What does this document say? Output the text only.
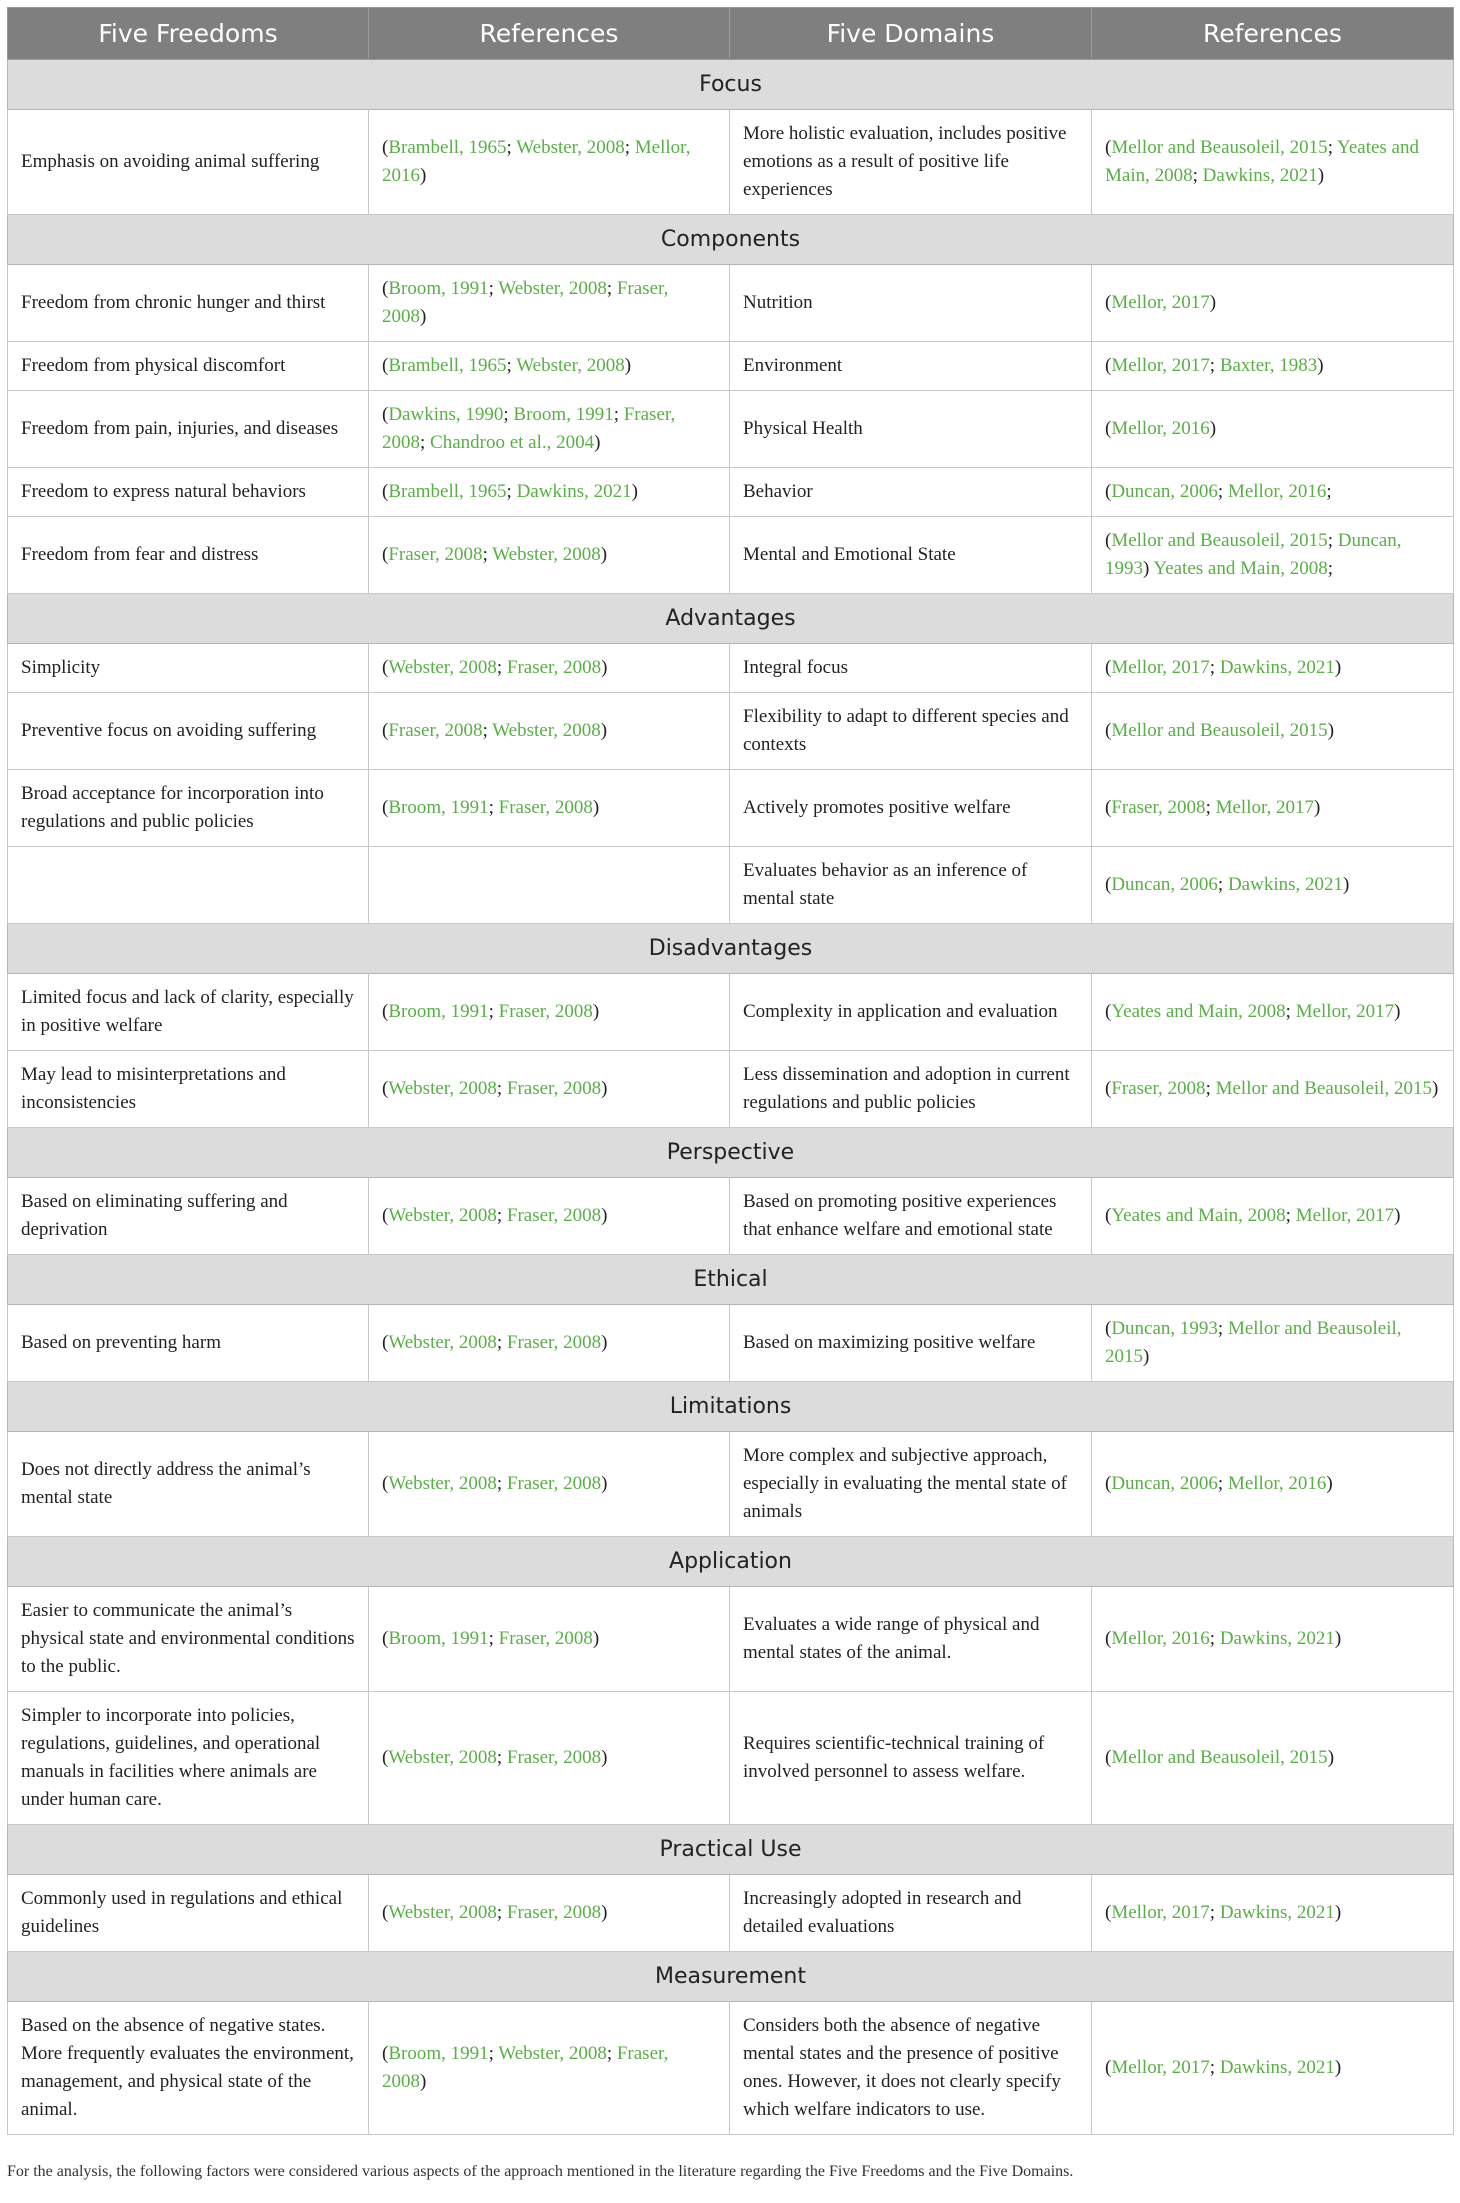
Five Freedoms	References	Five Domains	References
Focus			
Emphasis on avoiding animal suffering	(Brambell, 1965; Webster, 2008; Mellor, 2016)	More holistic evaluation, includes positive emotions as a result of positive life experiences	(Mellor and Beausoleil, 2015; Yeates and Main, 2008; Dawkins, 2021)
Components			
Freedom from chronic hunger and thirst	(Broom, 1991; Webster, 2008; Fraser, 2008)	Nutrition	(Mellor, 2017)
Freedom from physical discomfort	(Brambell, 1965; Webster, 2008)	Environment	(Mellor, 2017; Baxter, 1983)
Freedom from pain, injuries, and diseases	(Dawkins, 1990; Broom, 1991; Fraser, 2008; Chandroo et al., 2004)	Physical Health	(Mellor, 2016)
Freedom to express natural behaviors	(Brambell, 1965; Dawkins, 2021)	Behavior	(Duncan, 2006; Mellor, 2016;
Freedom from fear and distress	(Fraser, 2008; Webster, 2008)	Mental and Emotional State	(Mellor and Beausoleil, 2015; Duncan, 1993) Yeates and Main, 2008;
Advantages			
Simplicity	(Webster, 2008; Fraser, 2008)	Integral focus	(Mellor, 2017; Dawkins, 2021)
Preventive focus on avoiding suffering	(Fraser, 2008; Webster, 2008)	Flexibility to adapt to different species and contexts	(Mellor and Beausoleil, 2015)
Broad acceptance for incorporation into regulations and public policies	(Broom, 1991; Fraser, 2008)	Actively promotes positive welfare	(Fraser, 2008; Mellor, 2017)
		Evaluates behavior as an inference of mental state	(Duncan, 2006; Dawkins, 2021)
Disadvantages			
Limited focus and lack of clarity, especially in positive welfare	(Broom, 1991; Fraser, 2008)	Complexity in application and evaluation	(Yeates and Main, 2008; Mellor, 2017)
May lead to misinterpretations and inconsistencies	(Webster, 2008; Fraser, 2008)	Less dissemination and adoption in current regulations and public policies	(Fraser, 2008; Mellor and Beausoleil, 2015)
Perspective			
Based on eliminating suffering and deprivation	(Webster, 2008; Fraser, 2008)	Based on promoting positive experiences that enhance welfare and emotional state	(Yeates and Main, 2008; Mellor, 2017)
Ethical			
Based on preventing harm	(Webster, 2008; Fraser, 2008)	Based on maximizing positive welfare	(Duncan, 1993; Mellor and Beausoleil, 2015)
Limitations			
Does not directly address the animal’s mental state	(Webster, 2008; Fraser, 2008)	More complex and subjective approach, especially in evaluating the mental state of animals	(Duncan, 2006; Mellor, 2016)
Application			
Easier to communicate the animal’s physical state and environmental conditions to the public.	(Broom, 1991; Fraser, 2008)	Evaluates a wide range of physical and mental states of the animal.	(Mellor, 2016; Dawkins, 2021)
Simpler to incorporate into policies, regulations, guidelines, and operational manuals in facilities where animals are under human care.	(Webster, 2008; Fraser, 2008)	Requires scientific-technical training of involved personnel to assess welfare.	(Mellor and Beausoleil, 2015)
Practical Use			
Commonly used in regulations and ethical guidelines	(Webster, 2008; Fraser, 2008)	Increasingly adopted in research and detailed evaluations	(Mellor, 2017; Dawkins, 2021)
Measurement			
Based on the absence of negative states. More frequently evaluates the environment, management, and physical state of the animal.	(Broom, 1991; Webster, 2008; Fraser, 2008)	Considers both the absence of negative mental states and the presence of positive ones. However, it does not clearly specify which welfare indicators to use.	(Mellor, 2017; Dawkins, 2021)
For the analysis, the following factors were considered various aspects of the approach mentioned in the literature regarding the Five Freedoms and the Five Domains.
